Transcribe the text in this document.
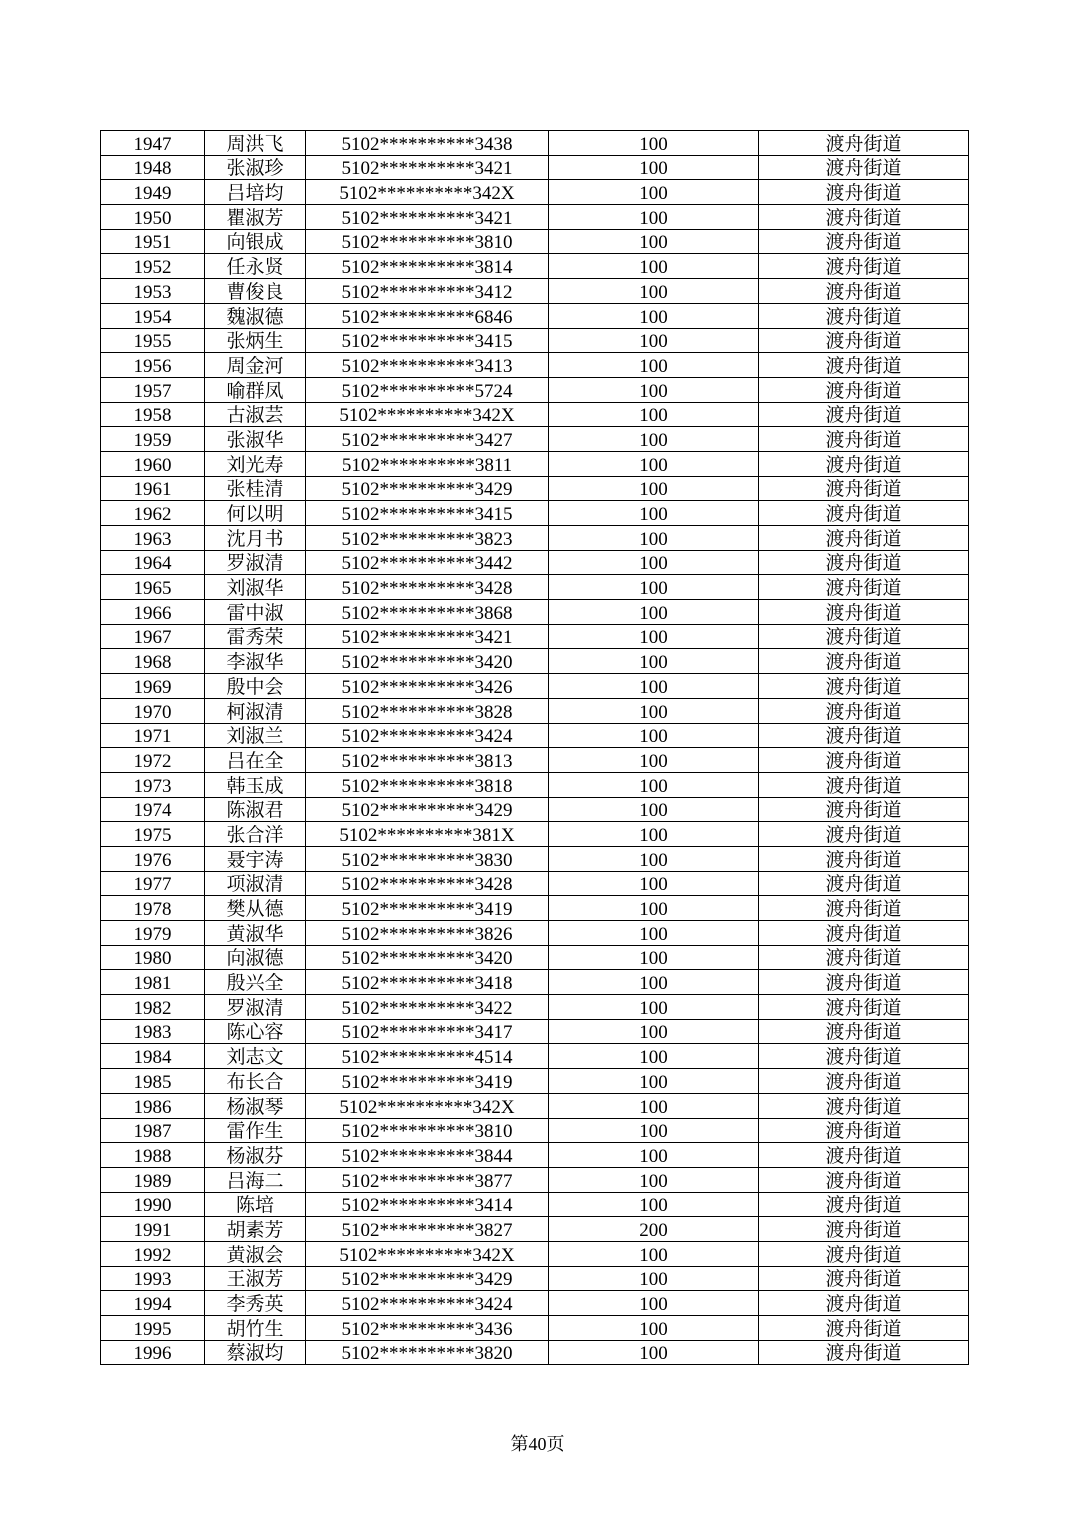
1947	周洪飞	5102**********3438	100	渡舟街道
1948	张淑珍	5102**********3421	100	渡舟街道
1949	吕培均	5102**********342X	100	渡舟街道
1950	瞿淑芳	5102**********3421	100	渡舟街道
1951	向银成	5102**********3810	100	渡舟街道
1952	任永贤	5102**********3814	100	渡舟街道
1953	曹俊良	5102**********3412	100	渡舟街道
1954	魏淑德	5102**********6846	100	渡舟街道
1955	张炳生	5102**********3415	100	渡舟街道
1956	周金河	5102**********3413	100	渡舟街道
1957	喻群凤	5102**********5724	100	渡舟街道
1958	古淑芸	5102**********342X	100	渡舟街道
1959	张淑华	5102**********3427	100	渡舟街道
1960	刘光寿	5102**********3811	100	渡舟街道
1961	张桂清	5102**********3429	100	渡舟街道
1962	何以明	5102**********3415	100	渡舟街道
1963	沈月书	5102**********3823	100	渡舟街道
1964	罗淑清	5102**********3442	100	渡舟街道
1965	刘淑华	5102**********3428	100	渡舟街道
1966	雷中淑	5102**********3868	100	渡舟街道
1967	雷秀荣	5102**********3421	100	渡舟街道
1968	李淑华	5102**********3420	100	渡舟街道
1969	殷中会	5102**********3426	100	渡舟街道
1970	柯淑清	5102**********3828	100	渡舟街道
1971	刘淑兰	5102**********3424	100	渡舟街道
1972	吕在全	5102**********3813	100	渡舟街道
1973	韩玉成	5102**********3818	100	渡舟街道
1974	陈淑君	5102**********3429	100	渡舟街道
1975	张合洋	5102**********381X	100	渡舟街道
1976	聂宇涛	5102**********3830	100	渡舟街道
1977	项淑清	5102**********3428	100	渡舟街道
1978	樊从德	5102**********3419	100	渡舟街道
1979	黄淑华	5102**********3826	100	渡舟街道
1980	向淑德	5102**********3420	100	渡舟街道
1981	殷兴全	5102**********3418	100	渡舟街道
1982	罗淑清	5102**********3422	100	渡舟街道
1983	陈心容	5102**********3417	100	渡舟街道
1984	刘志文	5102**********4514	100	渡舟街道
1985	布长合	5102**********3419	100	渡舟街道
1986	杨淑琴	5102**********342X	100	渡舟街道
1987	雷作生	5102**********3810	100	渡舟街道
1988	杨淑芬	5102**********3844	100	渡舟街道
1989	吕海二	5102**********3877	100	渡舟街道
1990	陈培	5102**********3414	100	渡舟街道
1991	胡素芳	5102**********3827	200	渡舟街道
1992	黄淑会	5102**********342X	100	渡舟街道
1993	王淑芳	5102**********3429	100	渡舟街道
1994	李秀英	5102**********3424	100	渡舟街道
1995	胡竹生	5102**********3436	100	渡舟街道
1996	蔡淑均	5102**********3820	100	渡舟街道
第40页
